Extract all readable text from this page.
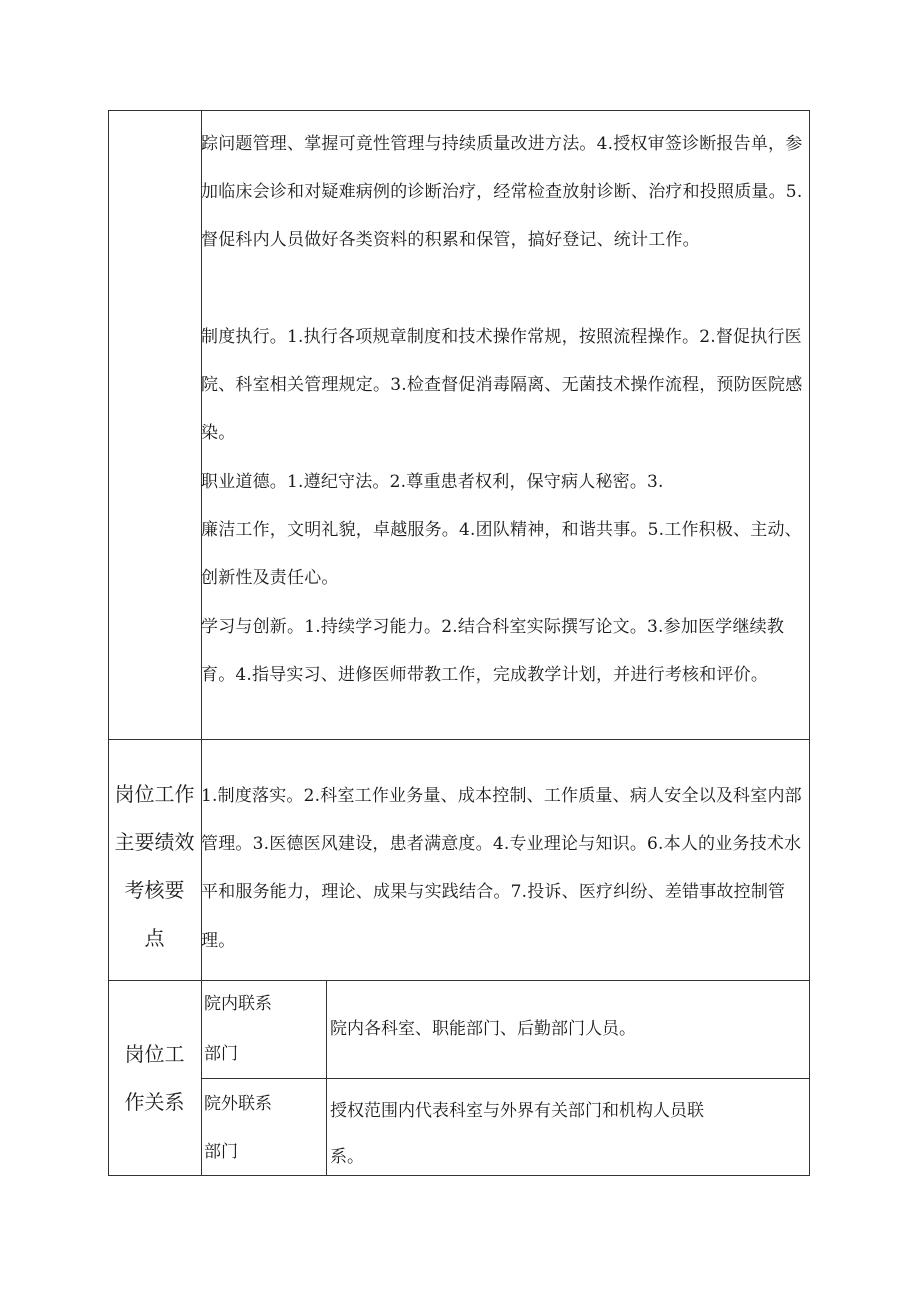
踪问题管理、掌握可竟性管理与持续质量改进方法。4.授权审签诊断报告单，参加临床会诊和对疑难病例的诊断治疗，经常检查放射诊断、治疗和投照质量。5.督促科内人员做好各类资料的积累和保管，搞好登记、统计工作。
制度执行。1.执行各项规章制度和技术操作常规，按照流程操作。2.督促执行医院、科室相关管理规定。3.检查督促消毒隔离、无菌技术操作流程，预防医院感染。
职业道德。1.遵纪守法。2.尊重患者权利，保守病人秘密。3.
廉洁工作，文明礼貌，卓越服务。4.团队精神，和谐共事。5.工作积极、主动、创新性及责任心。
学习与创新。1.持续学习能力。2.结合科室实际撰写论文。3.参加医学继续教育。4.指导实习、进修医师带教工作，完成教学计划，并进行考核和评价。
岗位工作
主要绩效
考核要
点
1.制度落实。2.科室工作业务量、成本控制、工作质量、病人安全以及科室内部管理。3.医德医风建设，患者满意度。4.专业理论与知识。6.本人的业务技术水平和服务能力，理论、成果与实践结合。7.投诉、医疗纠纷、差错事故控制管理。
岗位工
作关系
院内联系
部门
院内各科室、职能部门、后勤部门人员。
院外联系
部门
授权范围内代表科室与外界有关部门和机构人员联
系。
